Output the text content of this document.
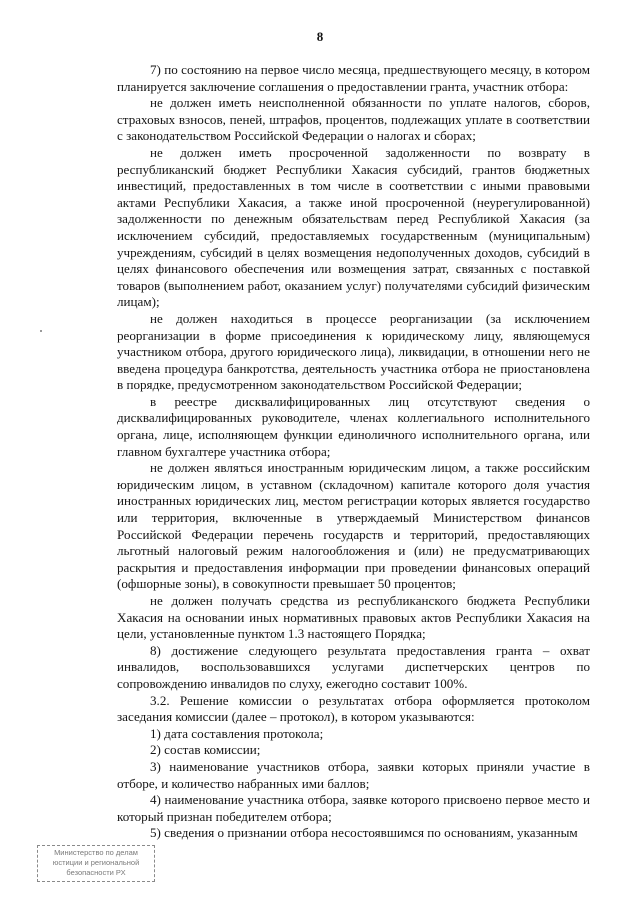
8

7) по состоянию на первое число месяца, предшествующего месяцу, в котором планируется заключение соглашения о предоставлении гранта, участник отбора:

не должен иметь неисполненной обязанности по уплате налогов, сборов, страховых взносов, пеней, штрафов, процентов, подлежащих уплате в соответствии с законодательством Российской Федерации о налогах и сборах;

не должен иметь просроченной задолженности по возврату в республиканский бюджет Республики Хакасия субсидий, грантов бюджетных инвестиций, предоставленных в том числе в соответствии с иными правовыми актами Республики Хакасия, а также иной просроченной (неурегулированной) задолженности по денежным обязательствам перед Республикой Хакасия (за исключением субсидий, предоставляемых государственным (муниципальным) учреждениям, субсидий в целях возмещения недополученных доходов, субсидий в целях финансового обеспечения или возмещения затрат, связанных с поставкой товаров (выполнением работ, оказанием услуг) получателями субсидий физическим лицам);

не должен находиться в процессе реорганизации (за исключением реорганизации в форме присоединения к юридическому лицу, являющемуся участником отбора, другого юридического лица), ликвидации, в отношении него не введена процедура банкротства, деятельность участника отбора не приостановлена в порядке, предусмотренном законодательством Российской Федерации;

в реестре дисквалифицированных лиц отсутствуют сведения о дисквалифицированных руководителе, членах коллегиального исполнительного органа, лице, исполняющем функции единоличного исполнительного органа, или главном бухгалтере участника отбора;

не должен являться иностранным юридическим лицом, а также российским юридическим лицом, в уставном (складочном) капитале которого доля участия иностранных юридических лиц, местом регистрации которых является государство или территория, включенные в утверждаемый Министерством финансов Российской Федерации перечень государств и территорий, предоставляющих льготный налоговый режим налогообложения и (или) не предусматривающих раскрытия и предоставления информации при проведении финансовых операций (офшорные зоны), в совокупности превышает 50 процентов;

не должен получать средства из республиканского бюджета Республики Хакасия на основании иных нормативных правовых актов Республики Хакасия на цели, установленные пунктом 1.3 настоящего Порядка;

8) достижение следующего результата предоставления гранта – охват инвалидов, воспользовавшихся услугами диспетчерских центров по сопровождению инвалидов по слуху, ежегодно составит 100%.

3.2. Решение комиссии о результатах отбора оформляется протоколом заседания комиссии (далее – протокол), в котором указываются:

1) дата составления протокола;

2) состав комиссии;

3) наименование участников отбора, заявки которых приняли участие в отборе, и количество набранных ими баллов;

4) наименование участника отбора, заявке которого присвоено первое место и который признан победителем отбора;

5) сведения о признании отбора несостоявшимся по основаниям, указанным

Министерство по делам
юстиции и региональной
безопасности РХ
